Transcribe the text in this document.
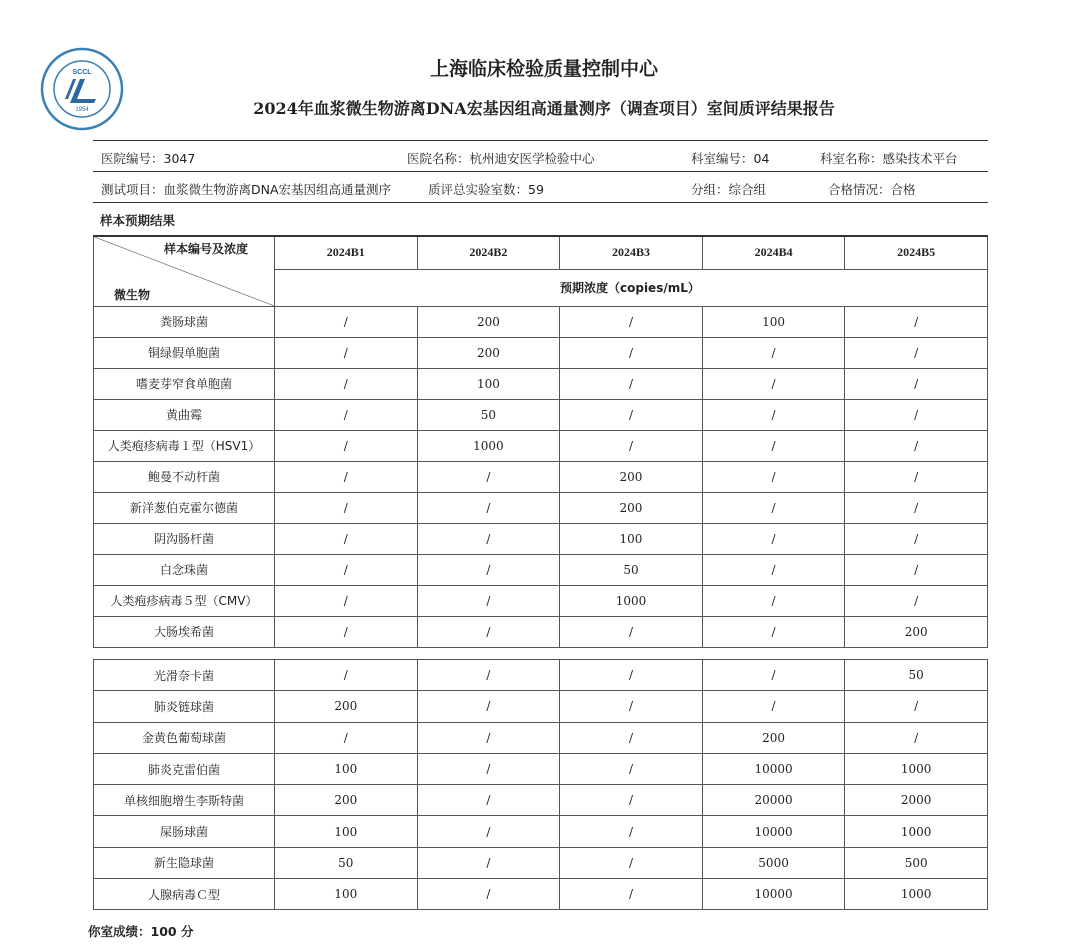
SCCL
1954
上海临床检验质量控制中心
2024年血浆微生物游离DNA宏基因组高通量测序（调查项目）室间质评结果报告
医院编号：3047	医院名称：杭州迪安医学检验中心	科室编号：04	科室名称：感染技术平台
测试项目：血浆微生物游离DNA宏基因组高通量测序	质评总实验室数：59	分组：综合组	合格情况：合格
样本预期结果
样本编号及浓度
微生物	2024B1	2024B2	2024B3	2024B4	2024B5
	预期浓度（copies/mL）				
粪肠球菌	/	200	/	100	/
铜绿假单胞菌	/	200	/	/	/
嗜麦芽窄食单胞菌	/	100	/	/	/
黄曲霉	/	50	/	/	/
人类疱疹病毒１型（HSV1）	/	1000	/	/	/
鲍曼不动杆菌	/	/	200	/	/
新洋葱伯克霍尔德菌	/	/	200	/	/
阴沟肠杆菌	/	/	100	/	/
白念珠菌	/	/	50	/	/
人类疱疹病毒５型（CMV）	/	/	1000	/	/
大肠埃希菌	/	/	/	/	200
光滑奈卡菌	/	/	/	/	50
肺炎链球菌	200	/	/	/	/
金黄色葡萄球菌	/	/	/	200	/
肺炎克雷伯菌	100	/	/	10000	1000
单核细胞增生李斯特菌	200	/	/	20000	2000
屎肠球菌	100	/	/	10000	1000
新生隐球菌	50	/	/	5000	500
人腺病毒Ｃ型	100	/	/	10000	1000
你室成绩：100 分
